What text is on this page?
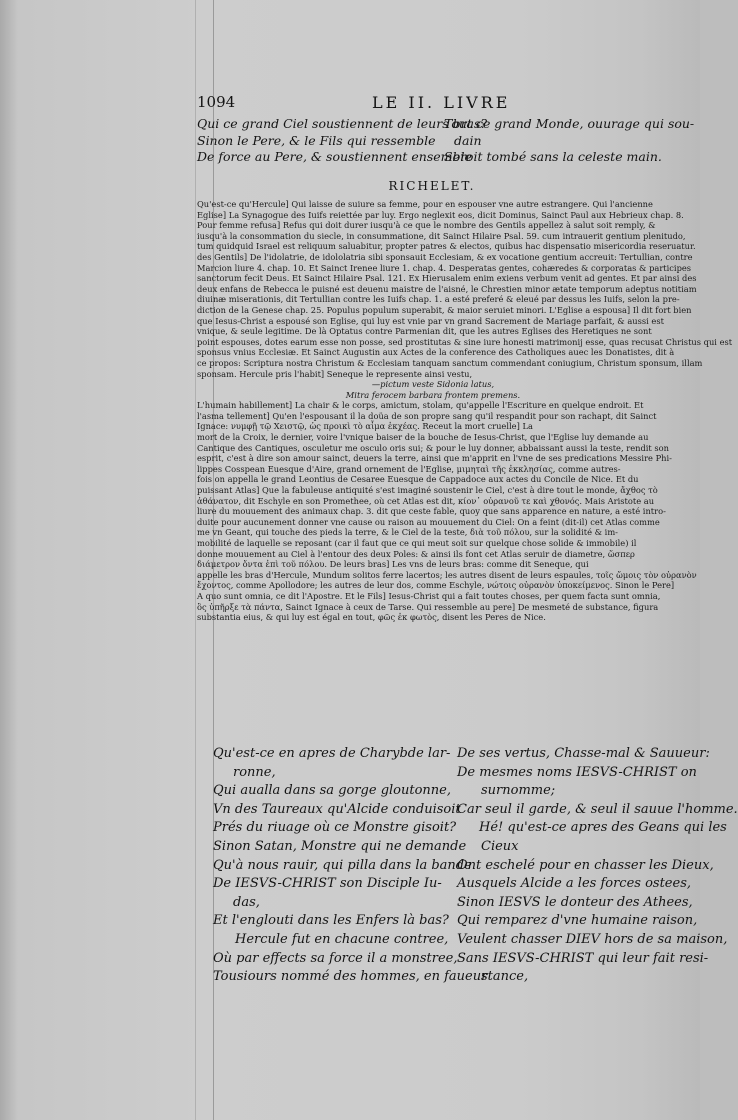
1094	LE II. LIVRE
Qui ce grand Ciel soustiennent de leurs bras?
Sinon le Pere, & le Fils qui ressemble
De force au Pere, & soustiennent ensemble
Tout ce grand Monde, ouurage qui sou-
dain
Seroit tombé sans la celeste main.
RICHELET.
Qu'est-ce qu'Hercule] Qui laisse de suiure sa femme, pour en espouser vne autre estrangere. Qui l'ancienne
Eglise] La Synagogue des Iuifs reiettée par luy. Ergo neglexit eos, dicit Dominus, Sainct Paul aux Hebrieux chap. 8.
Pour femme refusa] Refus qui doit durer iusqu'à ce que le nombre des Gentils appellez à salut soit remply, &
iusqu'à la consommation du siecle, in consummatione, dit Sainct Hilaire Psal. 59. cum intrauerit gentium plenitudo,
tum quidquid Israel est reliquum saluabitur, propter patres & electos, quibus hac dispensatio misericordia reseruatur.
des Gentils] De l'idolatrie, de idololatria sibi sponsauit Ecclesiam, & ex vocatione gentium accreuit: Tertullian, contre
Marcion liure 4. chap. 10. Et Sainct Irenee liure 1. chap. 4. Desperatas gentes, cohæredes & corporatas & participes
sanctorum fecit Deus. Et Sainct Hilaire Psal. 121. Ex Hierusalem enim exiens verbum venit ad gentes. Et par ainsi des
deux enfans de Rebecca le puisné est deuenu maistre de l'aisné, le Chrestien minor ætate temporum adeptus notitiam
diuinæ miserationis, dit Tertullian contre les Iuifs chap. 1. a esté preferé & eleué par dessus les Iuifs, selon la pre-
diction de la Genese chap. 25. Populus populum superabit, & maior seruiet minori. L'Eglise a espousa] Il dit fort bien
que Iesus-Christ a espousé son Eglise, qui luy est vnie par vn grand Sacrement de Mariage parfait, & aussi est
vnique, & seule legitime. De là Optatus contre Parmenian dit, que les autres Eglises des Heretiques ne sont
point espouses, dotes earum esse non posse, sed prostitutas & sine iure honesti matrimonij esse, quas recusat Christus qui est
sponsus vnius Ecclesiæ. Et Sainct Augustin aux Actes de la conference des Catholiques auec les Donatistes, dit à
ce propos: Scriptura nostra Christum & Ecclesiam tanquam sanctum commendant coniugium, Christum sponsum, illam
sponsam. Hercule pris l'habit] Seneque le represente ainsi vestu,
—pictum veste Sidonia latus,
Mitra ferocem barbara frontem premens.
L'humain habillement] La chair & le corps, amictum, stolam, qu'appelle l'Escriture en quelque endroit. Et
l'asma tellement] Qu'en l'espousant il la doüa de son propre sang qu'il respandit pour son rachapt, dit Sainct
Ignace: νυμφῇ τῷ Χειστῷ, ὡς προικὶ τὸ αἷμα ἐκχέας. Receut la mort cruelle] La
mort de la Croix, le dernier, voire l'vnique baiser de la bouche de Iesus-Christ, que l'Eglise luy demande au
Cantique des Cantiques, osculetur me osculo oris sui; & pour le luy donner, abbaissant aussi la teste, rendit son
esprit, c'est à dire son amour sainct, deuers la terre, ainsi que m'apprit en l'vne de ses predications Messire Phi-
lippes Cosspean Euesque d'Aire, grand ornement de l'Eglise, μιμηταὶ τῆς ἐκκλησίας, comme autres-
fois on appella le grand Leontius de Cesaree Euesque de Cappadoce aux actes du Concile de Nice. Et du
puissant Atlas] Que la fabuleuse antiquité s'est imaginé soustenir le Ciel, c'est à dire tout le monde, ἄχθος τὸ
ἀθάνατον, dit Eschyle en son Promethee, où cet Atlas est dit, κίον᾽ οὐρανοῦ τε καὶ χθονός. Mais Aristote au
liure du mouuement des animaux chap. 3. dit que ceste fable, quoy que sans apparence en nature, a esté intro-
duite pour aucunement donner vne cause ou raison au mouuement du Ciel: On a feint (dit-il) cet Atlas comme
me vn Geant, qui touche des pieds la terre, & le Ciel de la teste, διὰ τοῦ πόλου, sur la solidité & im-
mobilité de laquelle se reposant (car il faut que ce qui meut soit sur quelque chose solide & immobile) il
donne mouuement au Ciel à l'entour des deux Poles: & ainsi ils font cet Atlas seruir de diametre, ὥσπερ
διάμετρον ὄντα ἐπὶ τοῦ πόλου. De leurs bras] Les vns de leurs bras: comme dit Seneque, qui
appelle les bras d'Hercule, Mundum solitos ferre lacertos; les autres disent de leurs espaules, τοῖς ὤμοις τὸν οὐρανὸν
ἔχοντος, comme Apollodore; les autres de leur dos, comme Eschyle, νώτοις οὐρανὸν ὑποκείμενος. Sinon le Pere]
A quo sunt omnia, ce dit l'Apostre. Et le Fils] Iesus-Christ qui a fait toutes choses, per quem facta sunt omnia,
ὃς ὑπῆρξε τὰ πάντα, Sainct Ignace à ceux de Tarse. Qui ressemble au pere] De mesmeté de substance, figura
substantia eius, & qui luy est égal en tout, φῶς ἐκ φωτὸς, disent les Peres de Nice.
Qu'est-ce en apres de Charybde lar-
ronne,
Qui aualla dans sa gorge gloutonne,
Vn des Taureaux qu'Alcide conduisoit
Prés du riuage où ce Monstre gisoit?
Sinon Satan, Monstre qui ne demande
Qu'à nous rauir, qui pilla dans la bande
De IESVS-CHRIST son Disciple Iu-
das,
Et l'englouti dans les Enfers là bas?
Hercule fut en chacune contree,
Où par effects sa force il a monstree,
Tousiours nommé des hommes, en faueur
De ses vertus, Chasse-mal & Sauueur:
De mesmes noms IESVS-CHRIST on
surnomme;
Car seul il garde, & seul il sauue l'homme.
Hé! qu'est-ce apres des Geans qui les
Cieux
Ont eschelé pour en chasser les Dieux,
Ausquels Alcide a les forces ostees,
Sinon IESVS le donteur des Athees,
Qui remparez d'vne humaine raison,
Veulent chasser DIEV hors de sa maison,
Sans IESVS-CHRIST qui leur fait resi-
stance,
